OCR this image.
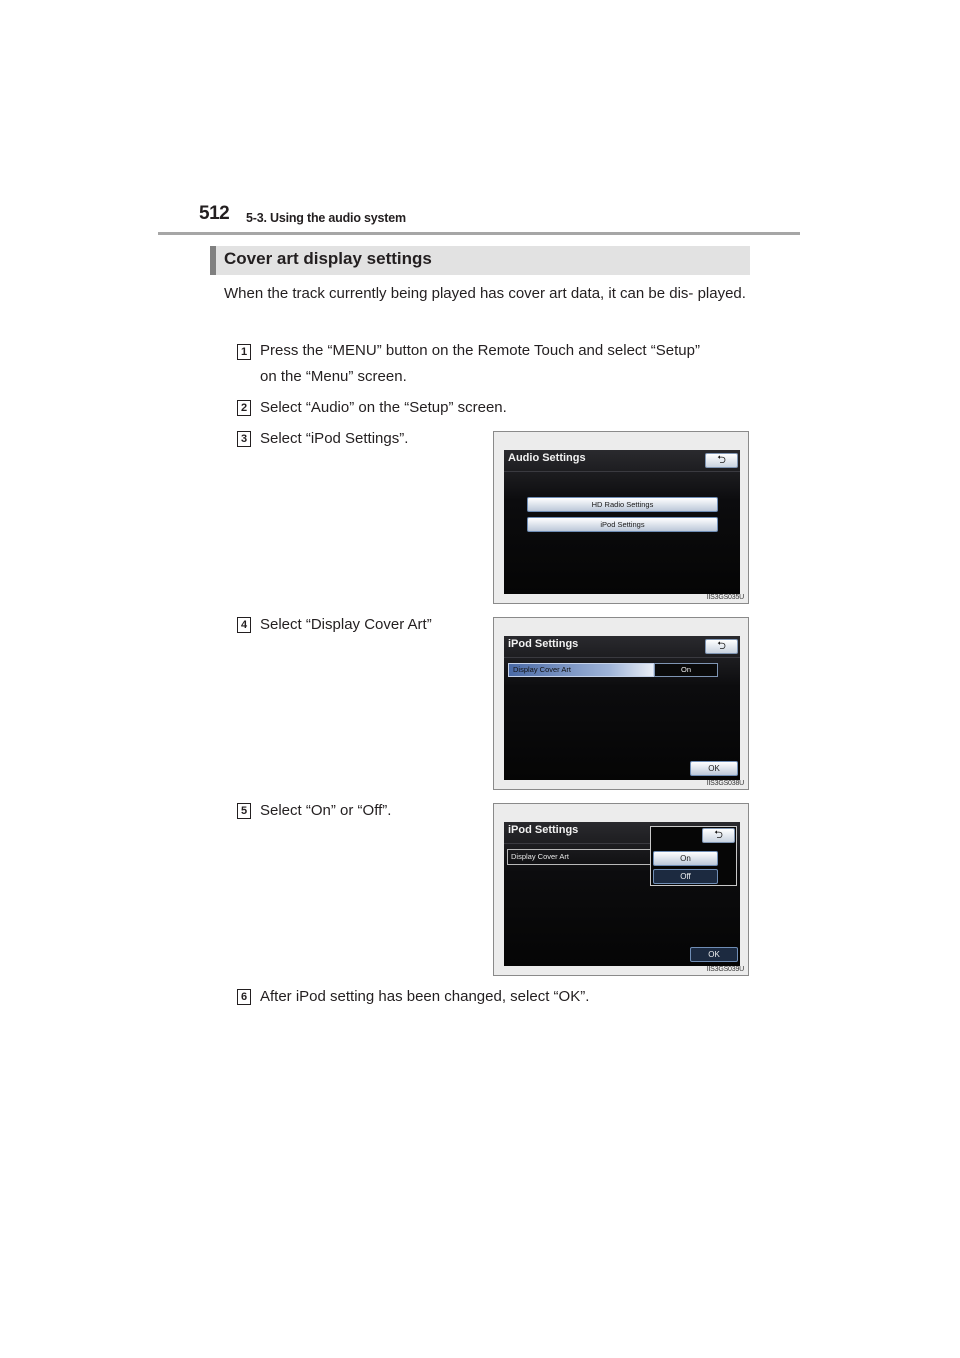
512 5-3. Using the audio system
Cover art display settings
When the track currently being played has cover art data, it can be dis- played.
1 Press the “MENU” button on the Remote Touch and select “Setup”
on the “Menu” screen.
2 Select “Audio” on the “Setup” screen.
3 Select “iPod Settings”.
Audio Settings	⮌
HD Radio Settings
iPod Settings
IIS3GS035U
4 Select “Display Cover Art”
iPod Settings	⮌
Display Cover Art	On
OK
IIS3GS038U
5 Select “On” or “Off”.
iPod Settings
Display Cover Art
⮌
On
Off
OK
IIS3GS039U
6 After iPod setting has been changed, select “OK”.
